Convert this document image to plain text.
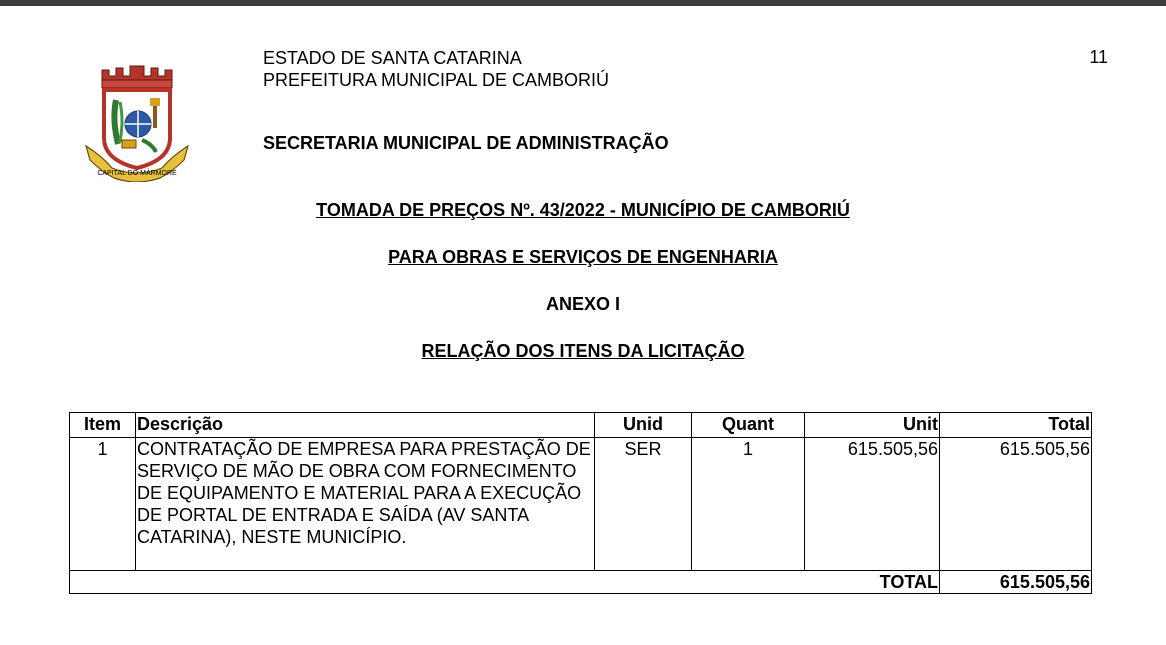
CAPITAL DO MÁRMORE
ESTADO DE SANTA CATARINA
PREFEITURA MUNICIPAL DE CAMBORIÚ
SECRETARIA MUNICIPAL DE ADMINISTRAÇÃO
11
TOMADA DE PREÇOS Nº. 43/2022 - MUNICÍPIO DE CAMBORIÚ
PARA OBRAS E SERVIÇOS DE ENGENHARIA
ANEXO I
RELAÇÃO DOS ITENS DA LICITAÇÃO
Item	Descrição	Unid	Quant	Unit	Total
1	CONTRATAÇÃO DE EMPRESA PARA PRESTAÇÃO DE SERVIÇO DE MÃO DE OBRA COM FORNECIMENTO DE EQUIPAMENTO E MATERIAL PARA A EXECUÇÃO DE PORTAL DE ENTRADA E SAÍDA (AV SANTA CATARINA), NESTE MUNICÍPIO.	SER	1	615.505,56	615.505,56
TOTAL					615.505,56
